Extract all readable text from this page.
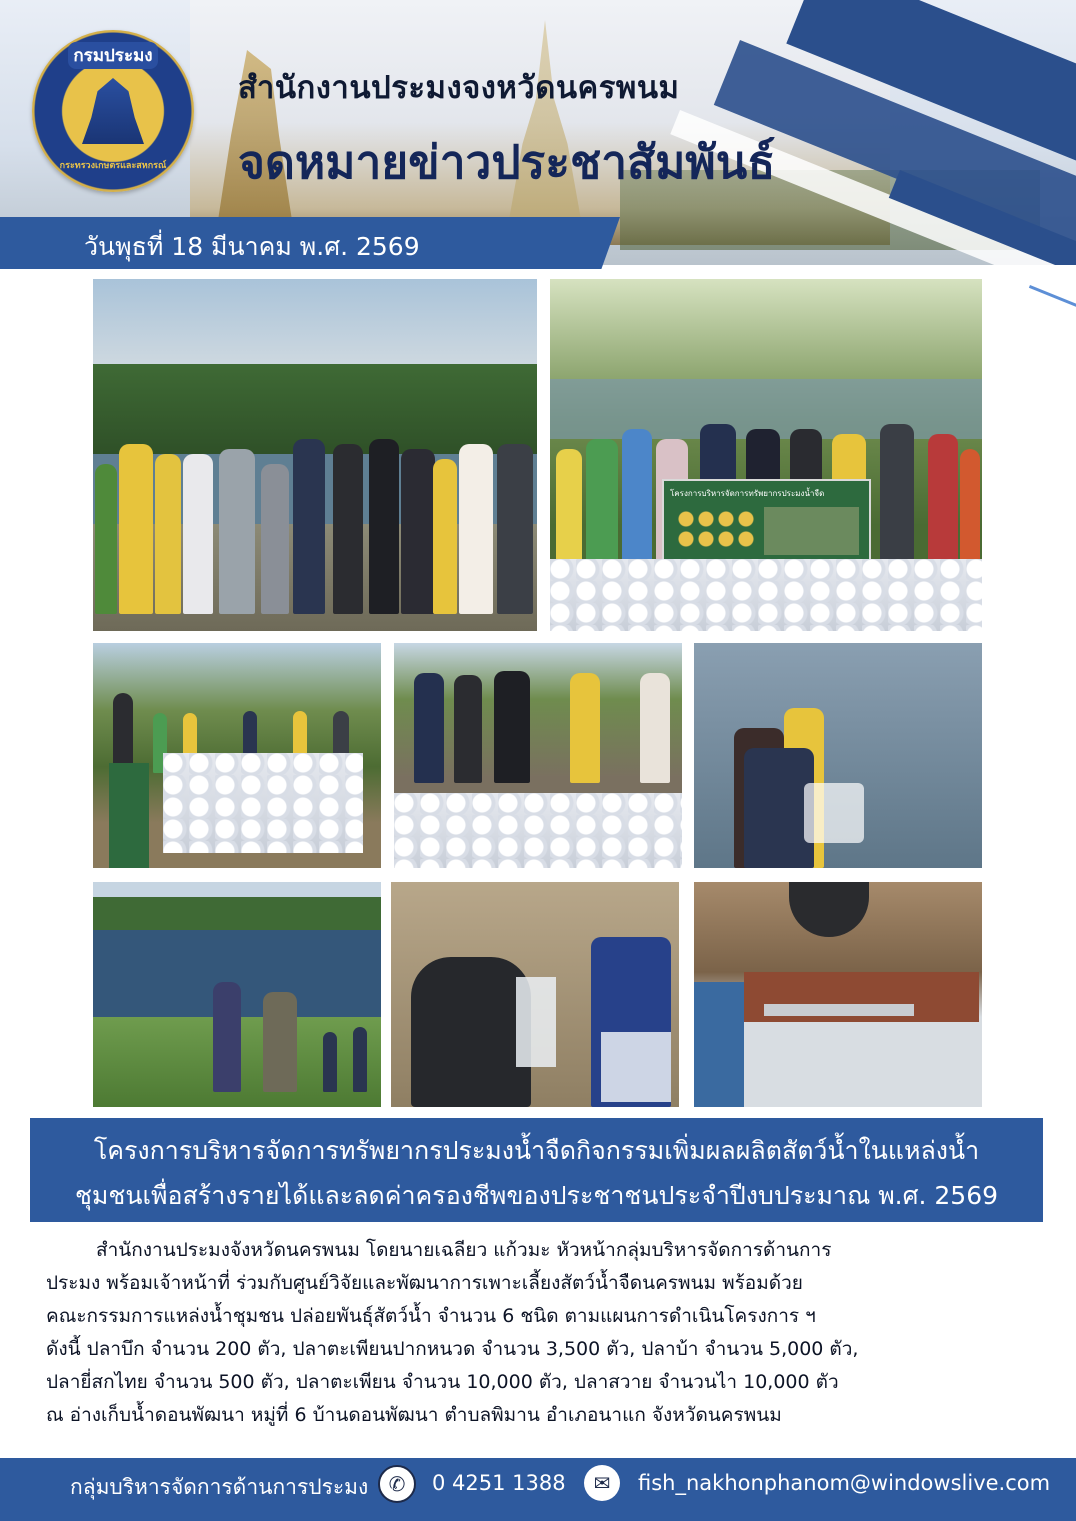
กรมประมง
กระทรวงเกษตรและสหกรณ์
สำนักงานประมงจงหวัดนครพนม
จดหมายข่าวประชาสัมพันธ์
วันพุธที่ 18 มีนาคม พ.ศ. 2569
โครงการบริหารจัดการทรัพยากรประมงน้ำจืด
โครงการบริหารจัดการทรัพยากรประมงน้ำจืดกิจกรรมเพิ่มผลผลิตสัตว์น้ำในแหล่งน้ำ
ชุมชนเพื่อสร้างรายได้และลดค่าครองชีพของประชาชนประจำปีงบประมาณ พ.ศ. 2569
สำนักงานประมงจังหวัดนครพนม โดยนายเฉลียว แก้วมะ หัวหน้ากลุ่มบริหารจัดการด้านการ
ประมง พร้อมเจ้าหน้าที่ ร่วมกับศูนย์วิจัยและพัฒนาการเพาะเลี้ยงสัตว์น้ำจืดนครพนม พร้อมด้วย
คณะกรรมการแหล่งน้ำชุมชน ปล่อยพันธุ์สัตว์น้ำ จำนวน 6 ชนิด ตามแผนการดำเนินโครงการ ฯ
ดังนี้ ปลาบึก จำนวน 200 ตัว, ปลาตะเพียนปากหนวด จำนวน 3,500 ตัว, ปลาบ้า จำนวน 5,000 ตัว,
ปลายี่สกไทย จำนวน 500 ตัว, ปลาตะเพียน จำนวน 10,000 ตัว, ปลาสวาย จำนวนไา 10,000 ตัว
ณ อ่างเก็บน้ำดอนพัฒนา หมู่ที่ 6 บ้านดอนพัฒนา ตำบลพิมาน อำเภอนาแก จังหวัดนครพนม
กลุ่มบริหารจัดการด้านการประมง	✆	0 4251 1388	✉	fish_nakhonphanom@windowslive.com
